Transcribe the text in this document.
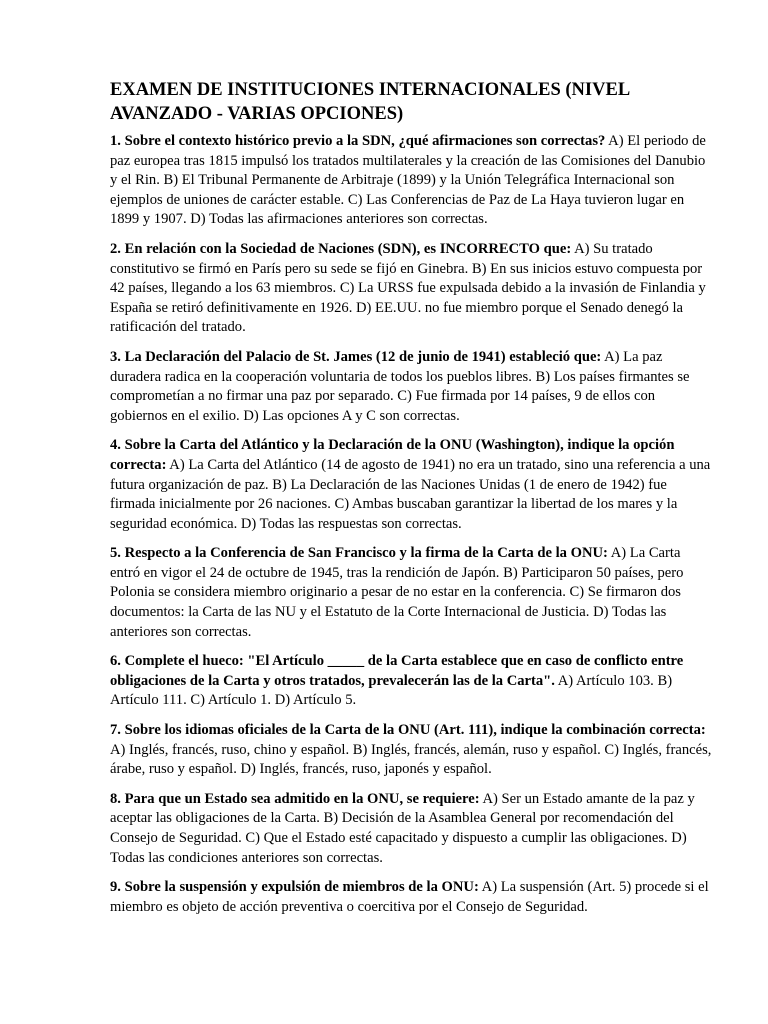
EXAMEN DE INSTITUCIONES INTERNACIONALES (NIVEL AVANZADO - VARIAS OPCIONES)

1. Sobre el contexto histórico previo a la SDN, ¿qué afirmaciones son correctas? A) El periodo de paz europea tras 1815 impulsó los tratados multilaterales y la creación de las Comisiones del Danubio y el Rin. B) El Tribunal Permanente de Arbitraje (1899) y la Unión Telegráfica Internacional son ejemplos de uniones de carácter estable. C) Las Conferencias de Paz de La Haya tuvieron lugar en 1899 y 1907. D) Todas las afirmaciones anteriores son correctas.

2. En relación con la Sociedad de Naciones (SDN), es INCORRECTO que: A) Su tratado constitutivo se firmó en París pero su sede se fijó en Ginebra. B) En sus inicios estuvo compuesta por 42 países, llegando a los 63 miembros. C) La URSS fue expulsada debido a la invasión de Finlandia y España se retiró definitivamente en 1926. D) EE.UU. no fue miembro porque el Senado denegó la ratificación del tratado.

3. La Declaración del Palacio de St. James (12 de junio de 1941) estableció que: A) La paz duradera radica en la cooperación voluntaria de todos los pueblos libres. B) Los países firmantes se comprometían a no firmar una paz por separado. C) Fue firmada por 14 países, 9 de ellos con gobiernos en el exilio. D) Las opciones A y C son correctas.

4. Sobre la Carta del Atlántico y la Declaración de la ONU (Washington), indique la opción correcta: A) La Carta del Atlántico (14 de agosto de 1941) no era un tratado, sino una referencia a una futura organización de paz. B) La Declaración de las Naciones Unidas (1 de enero de 1942) fue firmada inicialmente por 26 naciones. C) Ambas buscaban garantizar la libertad de los mares y la seguridad económica. D) Todas las respuestas son correctas.

5. Respecto a la Conferencia de San Francisco y la firma de la Carta de la ONU: A) La Carta entró en vigor el 24 de octubre de 1945, tras la rendición de Japón. B) Participaron 50 países, pero Polonia se considera miembro originario a pesar de no estar en la conferencia. C) Se firmaron dos documentos: la Carta de las NU y el Estatuto de la Corte Internacional de Justicia. D) Todas las anteriores son correctas.

6. Complete el hueco: "El Artículo _____ de la Carta establece que en caso de conflicto entre obligaciones de la Carta y otros tratados, prevalecerán las de la Carta". A) Artículo 103. B) Artículo 111. C) Artículo 1. D) Artículo 5.

7. Sobre los idiomas oficiales de la Carta de la ONU (Art. 111), indique la combinación correcta: A) Inglés, francés, ruso, chino y español. B) Inglés, francés, alemán, ruso y español. C) Inglés, francés, árabe, ruso y español. D) Inglés, francés, ruso, japonés y español.

8. Para que un Estado sea admitido en la ONU, se requiere: A) Ser un Estado amante de la paz y aceptar las obligaciones de la Carta. B) Decisión de la Asamblea General por recomendación del Consejo de Seguridad. C) Que el Estado esté capacitado y dispuesto a cumplir las obligaciones. D) Todas las condiciones anteriores son correctas.

9. Sobre la suspensión y expulsión de miembros de la ONU: A) La suspensión (Art. 5) procede si el miembro es objeto de acción preventiva o coercitiva por el Consejo de Seguridad.
